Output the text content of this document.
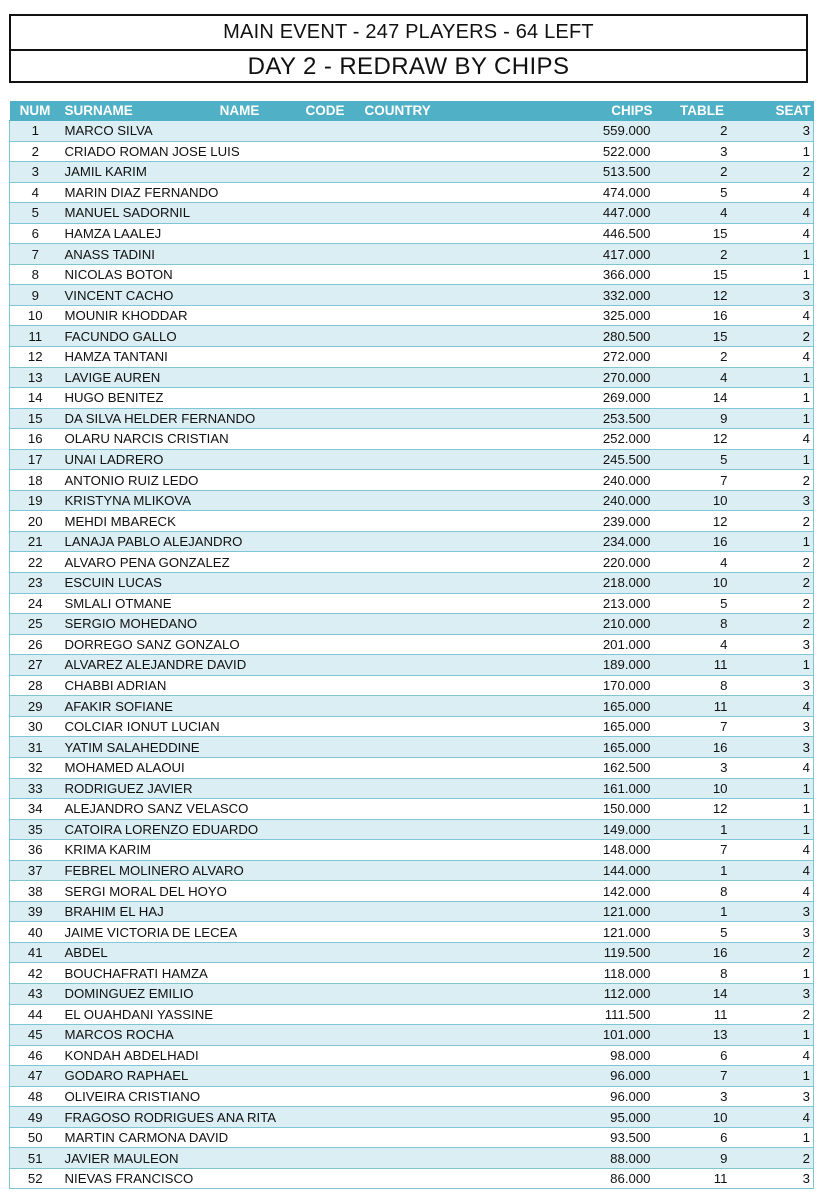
MAIN EVENT - 247 PLAYERS - 64 LEFT
DAY 2 - REDRAW BY CHIPS
NUM	SURNAME	NAME	CODE	COUNTRY	CHIPS	TABLE	SEAT
1	MARCO SILVA				559.000	2	3
2	CRIADO ROMAN JOSE LUIS				522.000	3	1
3	JAMIL KARIM				513.500	2	2
4	MARIN DIAZ FERNANDO				474.000	5	4
5	MANUEL SADORNIL				447.000	4	4
6	HAMZA LAALEJ				446.500	15	4
7	ANASS TADINI				417.000	2	1
8	NICOLAS BOTON				366.000	15	1
9	VINCENT CACHO				332.000	12	3
10	MOUNIR KHODDAR				325.000	16	4
11	FACUNDO GALLO				280.500	15	2
12	HAMZA TANTANI				272.000	2	4
13	LAVIGE AUREN				270.000	4	1
14	HUGO BENITEZ				269.000	14	1
15	DA SILVA HELDER FERNANDO				253.500	9	1
16	OLARU NARCIS CRISTIAN				252.000	12	4
17	UNAI LADRERO				245.500	5	1
18	ANTONIO RUIZ LEDO				240.000	7	2
19	KRISTYNA MLIKOVA				240.000	10	3
20	MEHDI MBARECK				239.000	12	2
21	LANAJA PABLO ALEJANDRO				234.000	16	1
22	ALVARO PENA GONZALEZ				220.000	4	2
23	ESCUIN LUCAS				218.000	10	2
24	SMLALI OTMANE				213.000	5	2
25	SERGIO MOHEDANO				210.000	8	2
26	DORREGO SANZ GONZALO				201.000	4	3
27	ALVAREZ ALEJANDRE DAVID				189.000	11	1
28	CHABBI ADRIAN				170.000	8	3
29	AFAKIR SOFIANE				165.000	11	4
30	COLCIAR IONUT LUCIAN				165.000	7	3
31	YATIM SALAHEDDINE				165.000	16	3
32	MOHAMED ALAOUI				162.500	3	4
33	RODRIGUEZ JAVIER				161.000	10	1
34	ALEJANDRO SANZ VELASCO				150.000	12	1
35	CATOIRA LORENZO EDUARDO				149.000	1	1
36	KRIMA KARIM				148.000	7	4
37	FEBREL MOLINERO ALVARO				144.000	1	4
38	SERGI MORAL DEL HOYO				142.000	8	4
39	BRAHIM EL HAJ				121.000	1	3
40	JAIME VICTORIA DE LECEA				121.000	5	3
41	ABDEL				119.500	16	2
42	BOUCHAFRATI HAMZA				118.000	8	1
43	DOMINGUEZ EMILIO				112.000	14	3
44	EL OUAHDANI YASSINE				111.500	11	2
45	MARCOS ROCHA				101.000	13	1
46	KONDAH ABDELHADI				98.000	6	4
47	GODARO RAPHAEL				96.000	7	1
48	OLIVEIRA CRISTIANO				96.000	3	3
49	FRAGOSO RODRIGUES ANA RITA				95.000	10	4
50	MARTIN CARMONA DAVID				93.500	6	1
51	JAVIER MAULEON				88.000	9	2
52	NIEVAS FRANCISCO				86.000	11	3
